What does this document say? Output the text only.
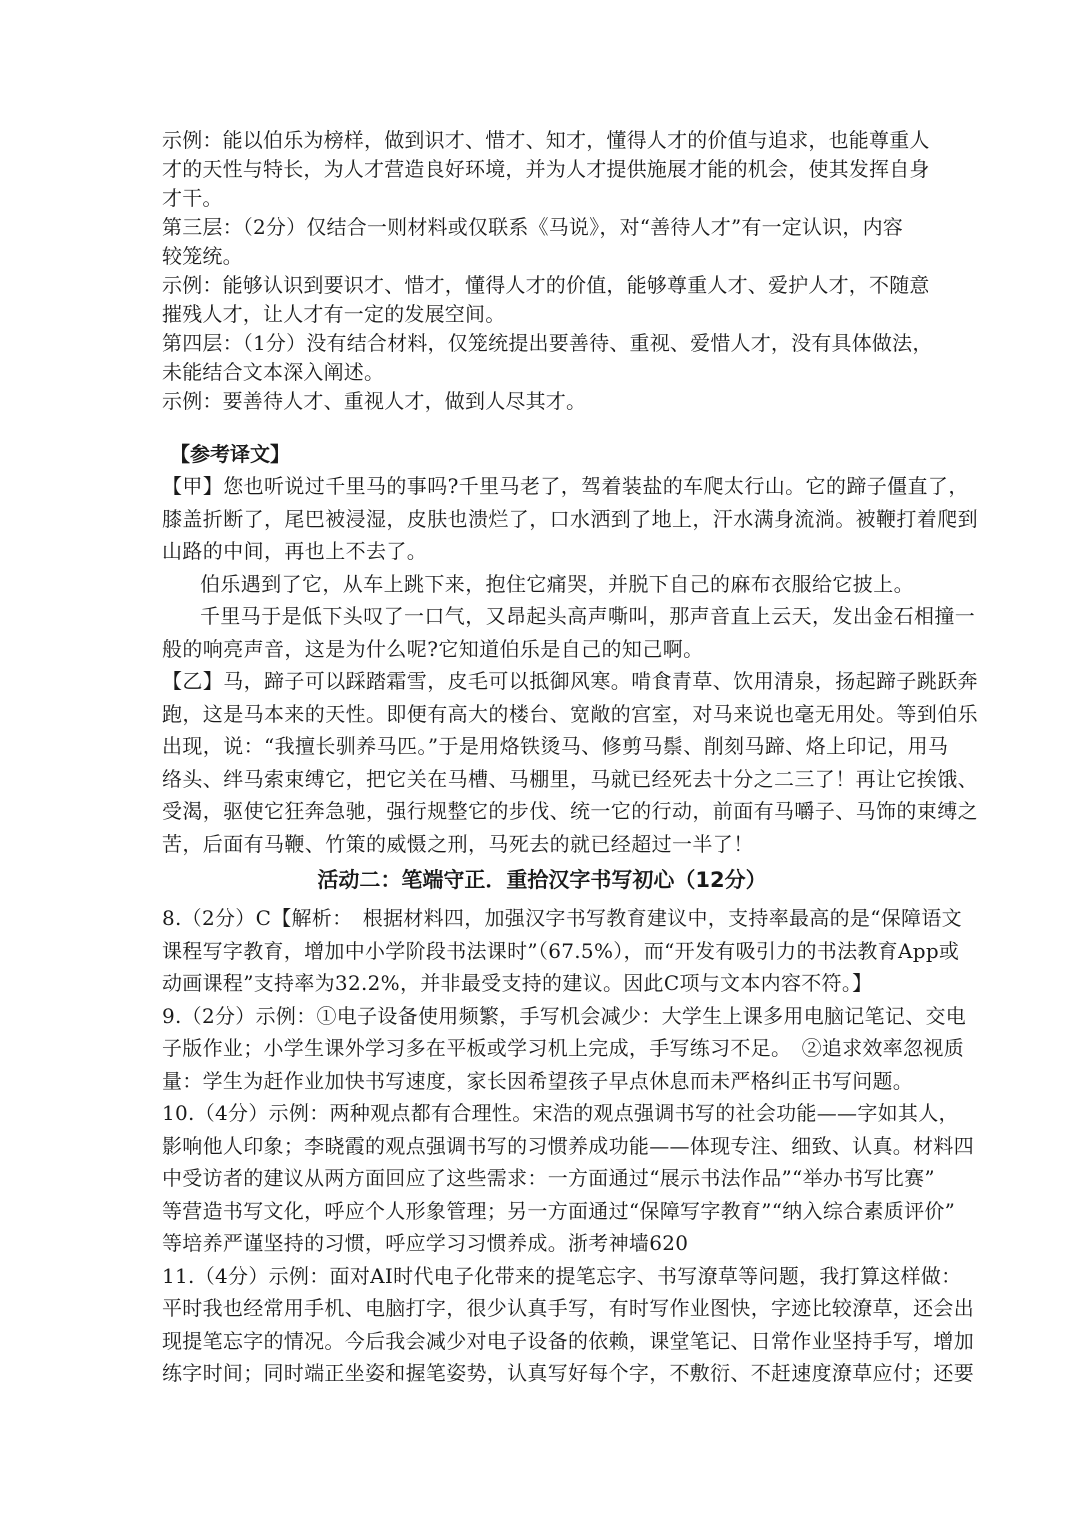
示例：能以伯乐为榜样，做到识才、惜才、知才，懂得人才的价值与追求，也能尊重人
才的天性与特长，为人才营造良好环境，并为人才提供施展才能的机会，使其发挥自身
才干。
第三层：（2分）仅结合一则材料或仅联系《马说》，对“善待人才”有一定认识，内容
较笼统。
示例：能够认识到要识才、惜才，懂得人才的价值，能够尊重人才、爱护人才，不随意
摧残人才，让人才有一定的发展空间。
第四层：（1分）没有结合材料，仅笼统提出要善待、重视、爱惜人才，没有具体做法，
未能结合文本深入阐述。
示例：要善待人才、重视人才，做到人尽其才。
【参考译文】
【甲】您也听说过千里马的事吗?千里马老了，驾着装盐的车爬太行山。它的蹄子僵直了，
膝盖折断了，尾巴被浸湿，皮肤也溃烂了，口水洒到了地上，汗水满身流淌。被鞭打着爬到
山路的中间，再也上不去了。
伯乐遇到了它，从车上跳下来，抱住它痛哭，并脱下自己的麻布衣服给它披上。
千里马于是低下头叹了一口气，又昂起头高声嘶叫，那声音直上云天，发出金石相撞一
般的响亮声音，这是为什么呢?它知道伯乐是自己的知己啊。
【乙】马，蹄子可以踩踏霜雪，皮毛可以抵御风寒。啃食青草、饮用清泉，扬起蹄子跳跃奔
跑，这是马本来的天性。即便有高大的楼台、宽敞的宫室，对马来说也毫无用处。等到伯乐
出现，说：“我擅长驯养马匹。”于是用烙铁烫马、修剪马鬃、削刻马蹄、烙上印记，用马
络头、绊马索束缚它，把它关在马槽、马棚里，马就已经死去十分之二三了！再让它挨饿、
受渴，驱使它狂奔急驰，强行规整它的步伐、统一它的行动，前面有马嚼子、马饰的束缚之
苦，后面有马鞭、竹策的威慑之刑，马死去的就已经超过一半了！
活动二：笔端守正．重拾汉字书写初心（12分）
8.（2分）C【解析：　根据材料四，加强汉字书写教育建议中，支持率最高的是“保障语文
课程写字教育，增加中小学阶段书法课时”（67.5%），而“开发有吸引力的书法教育App或
动画课程”支持率为32.2%，并非最受支持的建议。因此C项与文本内容不符。】
9.（2分）示例：①电子设备使用频繁，手写机会减少：大学生上课多用电脑记笔记、交电
子版作业；小学生课外学习多在平板或学习机上完成，手写练习不足。　②追求效率忽视质
量：学生为赶作业加快书写速度，家长因希望孩子早点休息而未严格纠正书写问题。
10.（4分）示例：两种观点都有合理性。宋浩的观点强调书写的社会功能——字如其人，
影响他人印象；李晓霞的观点强调书写的习惯养成功能——体现专注、细致、认真。材料四
中受访者的建议从两方面回应了这些需求：一方面通过“展示书法作品”“举办书写比赛”
等营造书写文化，呼应个人形象管理；另一方面通过“保障写字教育”“纳入综合素质评价”
等培养严谨坚持的习惯，呼应学习习惯养成。浙考神墙620
11.（4分）示例：面对AI时代电子化带来的提笔忘字、书写潦草等问题，我打算这样做：
平时我也经常用手机、电脑打字，很少认真手写，有时写作业图快，字迹比较潦草，还会出
现提笔忘字的情况。今后我会减少对电子设备的依赖，课堂笔记、日常作业坚持手写，增加
练字时间；同时端正坐姿和握笔姿势，认真写好每个字，不敷衍、不赶速度潦草应付；还要
